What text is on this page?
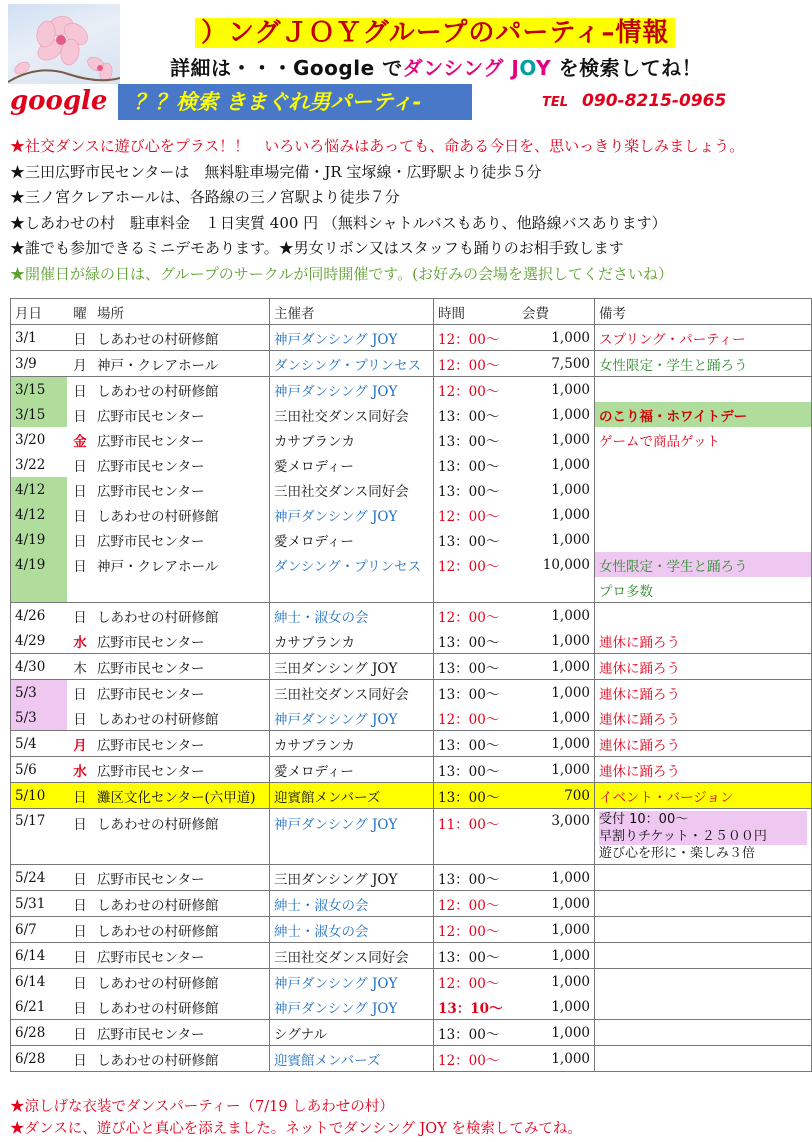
）ングＪＯＹグループのパーティ–情報
詳細は・・・Google でダンシング JOY を検索してね！
google	？？検索 きまぐれ男パーティ-	TEL 090-8215-0965
★社交ダンスに遊び心をプラス！！　いろいろ悩みはあっても、命ある今日を、思いっきり楽しみましょう。
★三田広野市民センターは　無料駐車場完備・JR 宝塚線・広野駅より徒歩５分
★三ノ宮クレアホールは、各路線の三ノ宮駅より徒歩７分
★しあわせの村　駐車料金　１日実質 400 円 （無料シャトルバスもあり、他路線バスあります）
★誰でも参加できるミニデモあります。★男女リボン又はスタッフも踊りのお相手致します
★開催日が緑の日は、グループのサークルが同時開催です。(お好みの会場を選択してくださいね）
月日	曜	場所	主催者	時間	会費	備考
3/1	日	しあわせの村研修館	神戸ダンシング JOY	12：00～	1,000	スプリング・パーティー
3/9	月	神戸・クレアホール	ダンシング・プリンセス	12：00～	7,500	女性限定・学生と踊ろう
3/15	日	しあわせの村研修館	神戸ダンシング JOY	12：00～	1,000	
3/15	日	広野市民センター	三田社交ダンス同好会	13：00～	1,000	のこり福・ホワイトデー
3/20	金	広野市民センター	カサブランカ	13：00～	1,000	ゲームで商品ゲット
3/22	日	広野市民センター	愛メロディー	13：00～	1,000	
4/12	日	広野市民センター	三田社交ダンス同好会	13：00～	1,000	
4/12	日	しあわせの村研修館	神戸ダンシング JOY	12：00～	1,000	
4/19	日	広野市民センター	愛メロディー	13：00～	1,000	
4/19	日	神戸・クレアホール	ダンシング・プリンセス	12：00～	10,000	女性限定・学生と踊ろう
						プロ多数
4/26	日	しあわせの村研修館	紳士・淑女の会	12：00～	1,000	
4/29	水	広野市民センター	カサブランカ	13：00～	1,000	連休に踊ろう
4/30	木	広野市民センター	三田ダンシング JOY	13：00～	1,000	連休に踊ろう
5/3	日	広野市民センター	三田社交ダンス同好会	13：00～	1,000	連休に踊ろう
5/3	日	しあわせの村研修館	神戸ダンシング JOY	12：00～	1,000	連休に踊ろう
5/4	月	広野市民センター	カサブランカ	13：00～	1,000	連休に踊ろう
5/6	水	広野市民センター	愛メロディー	13：00～	1,000	連休に踊ろう
5/10	日	灘区文化センター(六甲道)	迎賓館メンバーズ	13：00～	700	イベント・バージョン
5/17	日	しあわせの村研修館	神戸ダンシング JOY	11：00～	3,000	受付 10：00～
早割りチケット・２５００円
遊び心を形に・楽しみ３倍

5/24	日	広野市民センター	三田ダンシング JOY	13：00～	1,000	
5/31	日	しあわせの村研修館	紳士・淑女の会	12：00～	1,000	
6/7	日	しあわせの村研修館	紳士・淑女の会	12：00～	1,000	
6/14	日	広野市民センター	三田社交ダンス同好会	13：00～	1,000	
6/14	日	しあわせの村研修館	神戸ダンシング JOY	12：00～	1,000	
6/21	日	しあわせの村研修館	神戸ダンシング JOY	13：10～	1,000	
6/28	日	広野市民センター	シグナル	13：00～	1,000	
6/28	日	しあわせの村研修館	迎賓館メンバーズ	12：00～	1,000	
★涼しげな衣装でダンスパーティー（7/19 しあわせの村）
★ダンスに、遊び心と真心を添えました。ネットでダンシング JOY を検索してみてね。
